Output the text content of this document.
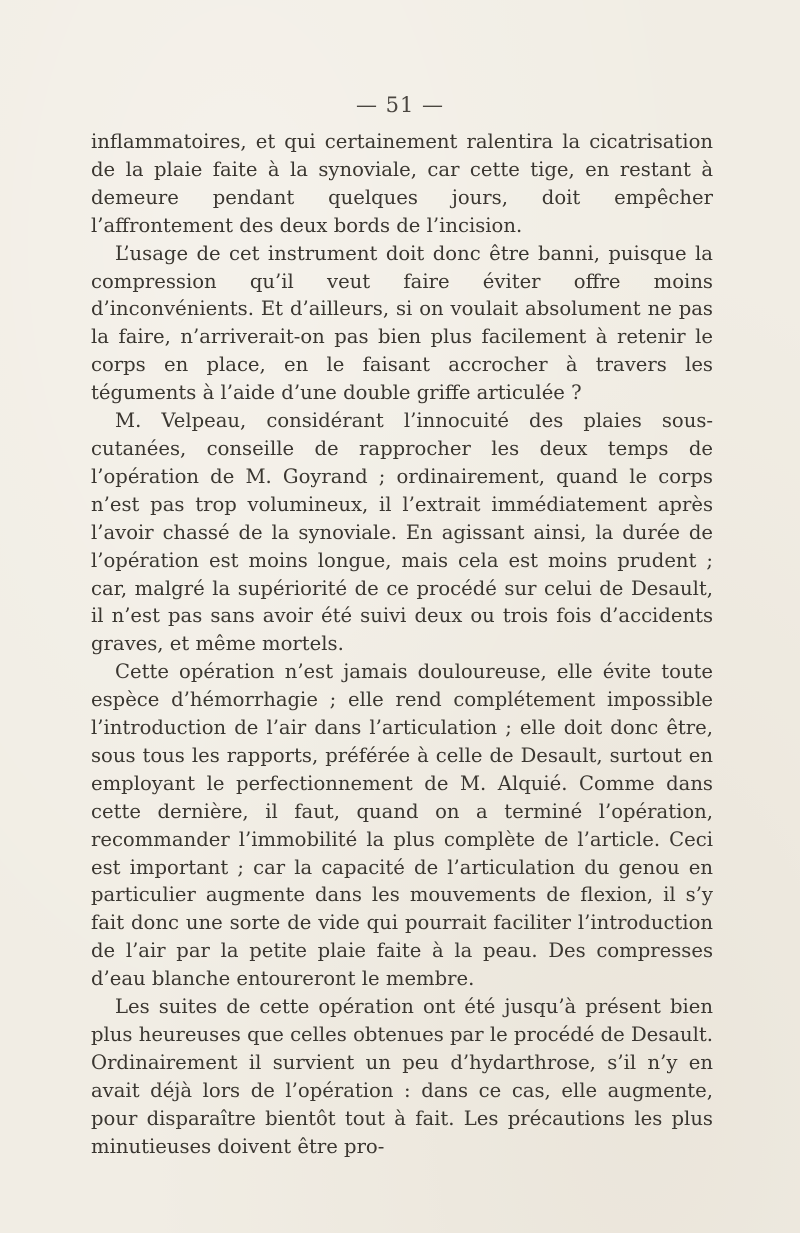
— 51 —

inflammatoires, et qui certainement ralentira la cicatrisation de la plaie faite à la synoviale, car cette tige, en restant à demeure pendant quelques jours, doit empêcher l’affrontement des deux bords de l’incision.

L’usage de cet instrument doit donc être banni, puisque la compression qu’il veut faire éviter offre moins d’inconvénients. Et d’ailleurs, si on voulait absolument ne pas la faire, n’arriverait-on pas bien plus facilement à retenir le corps en place, en le faisant accrocher à travers les téguments à l’aide d’une double griffe articulée ?

M. Velpeau, considérant l’innocuité des plaies sous-cutanées, conseille de rapprocher les deux temps de l’opération de M. Goyrand ; ordinairement, quand le corps n’est pas trop volumineux, il l’extrait immédiatement après l’avoir chassé de la synoviale. En agissant ainsi, la durée de l’opération est moins longue, mais cela est moins prudent ; car, malgré la supériorité de ce procédé sur celui de Desault, il n’est pas sans avoir été suivi deux ou trois fois d’accidents graves, et même mortels.

Cette opération n’est jamais douloureuse, elle évite toute espèce d’hémorrhagie ; elle rend complétement impossible l’introduction de l’air dans l’articulation ; elle doit donc être, sous tous les rapports, préférée à celle de Desault, surtout en employant le perfectionnement de M. Alquié. Comme dans cette dernière, il faut, quand on a terminé l’opération, recommander l’immobilité la plus complète de l’article. Ceci est important ; car la capacité de l’articulation du genou en particulier augmente dans les mouvements de flexion, il s’y fait donc une sorte de vide qui pourrait faciliter l’introduction de l’air par la petite plaie faite à la peau. Des compresses d’eau blanche entoureront le membre.

Les suites de cette opération ont été jusqu’à présent bien plus heureuses que celles obtenues par le procédé de Desault. Ordinairement il survient un peu d’hydarthrose, s’il n’y en avait déjà lors de l’opération : dans ce cas, elle augmente, pour disparaître bientôt tout à fait. Les précautions les plus minutieuses doivent être pro-
